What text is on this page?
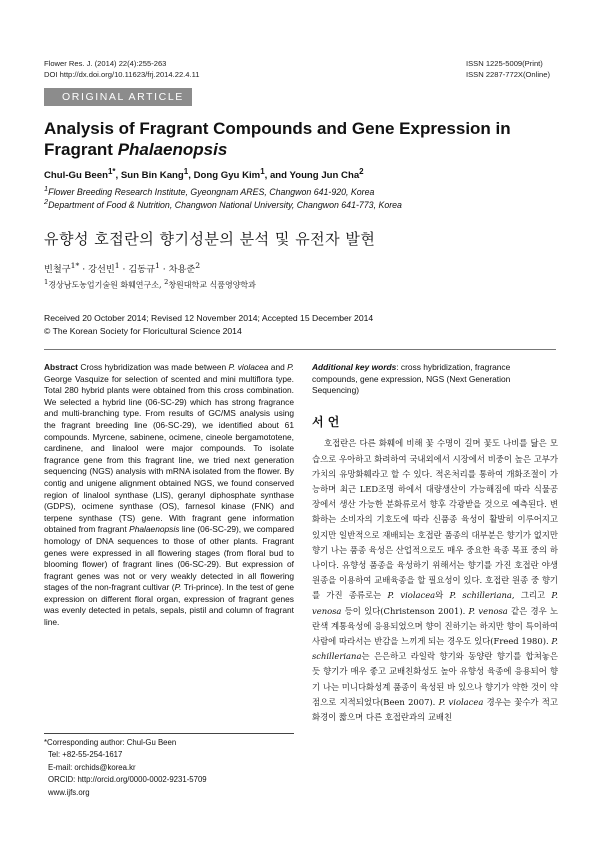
Flower Res. J. (2014) 22(4):255-263
DOI http://dx.doi.org/10.11623/frj.2014.22.4.11
ISSN 1225-5009(Print)
ISSN 2287-772X(Online)
ORIGINAL ARTICLE
Analysis of Fragrant Compounds and Gene Expression in
Fragrant Phalaenopsis
Chul-Gu Been$^{1*}$, Sun Bin Kang$^1$, Dong Gyu Kim$^1$, and Young Jun Cha$^2$
$^1$Flower Breeding Research Institute, Gyeongnam ARES, Changwon 641-920, Korea
$^2$Department of Food & Nutrition, Changwon National University, Changwon 641-773, Korea
유향성 호접란의 향기성분의 분석 및 유전자 발현
빈철구$^{1*}$ · 강선빈$^1$ · 김동규$^1$ · 차용준$^2$
$^1$경상남도농업기술원 화훼연구소, $^2$창원대학교 식품영양학과
Received 20 October 2014; Revised 12 November 2014; Accepted 15 December 2014
© The Korean Society for Floricultural Science 2014

Abstract Cross hybridization was made between P. violacea and P. George Vasquize for selection of scented and mini multiflora type. Total 280 hybrid plants were obtained from this cross combination. We selected a hybrid line (06-SC-29) which has strong fragrance and multi-branching type. From results of GC/MS analysis using the fragrant breeding line (06-SC-29), we identified about 61 compounds. Myrcene, sabinene, ocimene, cineole bergamototene, cardinene, and linalool were major compounds. To isolate fragrance gene from this fragrant line, we tried next generation sequencing (NGS) analysis with mRNA isolated from the flower. By contig and unigene alignment obtained NGS, we found conserved region of linalool synthase (LIS), geranyl diphosphate synthase (GDPS), ocimene synthase (OS), farnesol kinase (FNK) and terpene synthase (TS) gene. With fragrant gene information obtained from fragrant Phalaenopsis line (06-SC-29), we compared homology of DNA sequences to those of other plants. Fragrant genes were expressed in all flowering stages (from floral bud to blooming flower) of fragrant lines (06-SC-29). But expression of fragrant genes was not or very weakly detected in all flowering stages of the non-fragrant cultivar (P. Tri-prince). In the test of gene expression on different floral organ, expression of fragrant genes was evenly detected in petals, sepals, pistil and column of fragrant line.

Additional key words: cross hybridization, fragrance compounds, gene expression, NGS (Next Generation Sequencing)

서 언

호접란은 다른 화훼에 비해 꽃 수명이 길며 꽃도 나비를 닮은 모습으로 우아하고 화려하여 국내외에서 시장에서 비중이 높은 고부가가치의 유망화훼라고 할 수 있다. 적온처리를 통하여 개화조절이 가능하며 최근 LED조명 하에서 대량생산이 가능해짐에 따라 식물공장에서 생산 가능한 분화류로서 향후 각광받을 것으로 예측된다. 변화하는 소비자의 기호도에 따라 신품종 육성이 활발히 이루어지고 있지만 일반적으로 재배되는 호접란 품종의 대부분은 향기가 없지만 향기 나는 품종 육성은 산업적으로도 매우 중요한 육종 목표 중의 하나이다. 유향성 품종을 육성하기 위해서는 향기를 가진 호접란 야생원종을 이용하여 교배육종을 할 필요성이 있다. 호접란 원종 중 향기를 가진 종류로는 P. violacea와 P. schilleriana, 그리고 P. venosa 등이 있다(Christenson 2001). P. venosa 같은 경우 노란색 계통육성에 응용되었으며 향이 진하기는 하지만 향이 특이하여 사람에 따라서는 반감을 느끼게 되는 경우도 있다(Freed 1980). P. schilleriana는 은은하고 라일락 향기와 동양란 향기를 합쳐놓은 듯 향기가 매우 좋고 교배친화성도 높아 유향성 육종에 응용되어 향기 나는 미니다화성계 품종이 육성된 바 있으나 향기가 약한 것이 약점으로 지적되었다(Been 2007). P. violacea 경우는 꽃수가 적고 화경이 짧으며 다른 호접란과의 교배친

*Corresponding author: Chul-Gu Been
Tel: +82-55-254-1617
E-mail: orchids@korea.kr
ORCID: http://orcid.org/0000-0002-9231-5709
www.ijfs.org
